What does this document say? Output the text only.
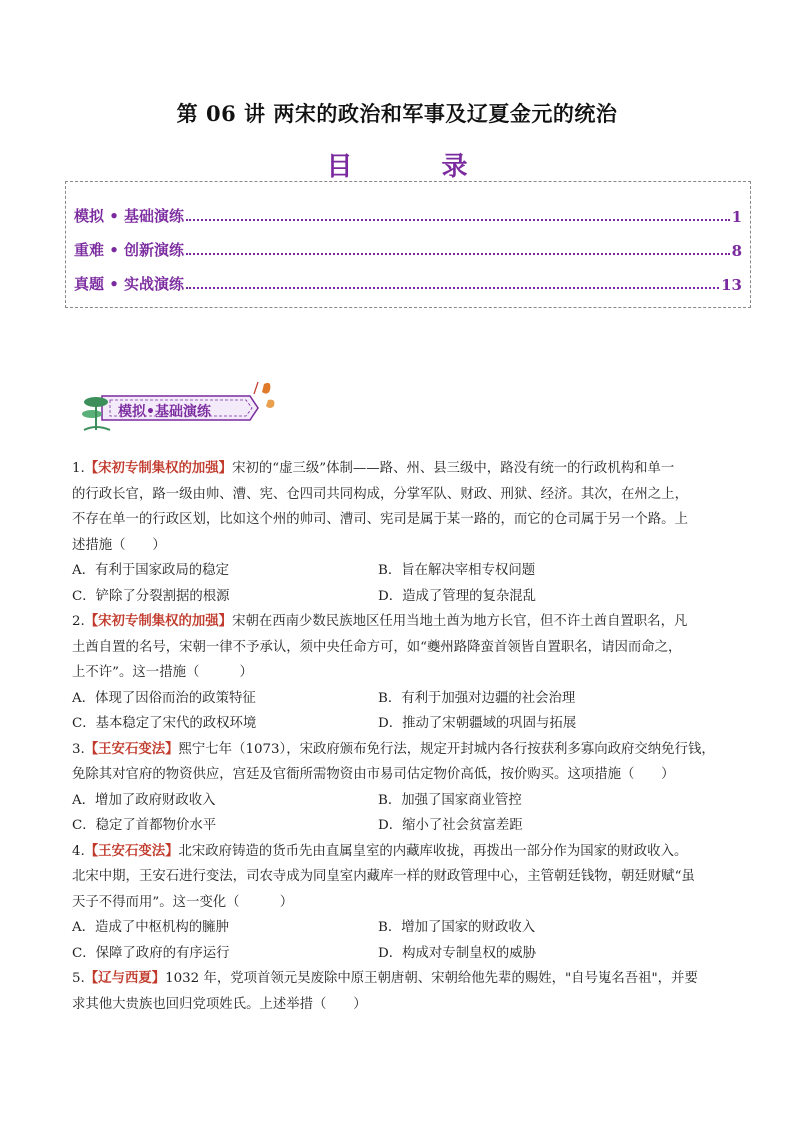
第 06 讲 两宋的政治和军事及辽夏金元的统治
目 录
模拟 • 基础演练	1
重难 • 创新演练	8
真题 • 实战演练	13
模拟•基础演练

1.【宋初专制集权的加强】宋初的“虚三级”体制——路、州、县三级中，路没有统一的行政机构和单一

的行政长官，路一级由帅、漕、宪、仓四司共同构成，分掌军队、财政、刑狱、经济。其次，在州之上，

不存在单一的行政区划，比如这个州的帅司、漕司、宪司是属于某一路的，而它的仓司属于另一个路。上

述措施（　　）

A．有利于国家政局的稳定	B．旨在解决宰相专权问题
C．铲除了分裂割据的根源	D．造成了管理的复杂混乱

2.【宋初专制集权的加强】宋朝在西南少数民族地区任用当地土酋为地方长官，但不许土酋自置职名，凡

土酋自置的名号，宋朝一律不予承认，须中央任命方可，如“夔州路降蛮首领皆自置职名，请因而命之，

上不许”。这一措施（　　　）

A．体现了因俗而治的政策特征	B．有利于加强对边疆的社会治理
C．基本稳定了宋代的政权环境	D．推动了宋朝疆域的巩固与拓展

3.【王安石变法】熙宁七年（1073），宋政府颁布免行法，规定开封城内各行按获利多寡向政府交纳免行钱，

免除其对官府的物资供应，宫廷及官衙所需物资由市易司估定物价高低，按价购买。这项措施（　　）

A．增加了政府财政收入	B．加强了国家商业管控
C．稳定了首都物价水平	D．缩小了社会贫富差距

4.【王安石变法】北宋政府铸造的货币先由直属皇室的内藏库收拢，再拨出一部分作为国家的财政收入。

北宋中期，王安石进行变法，司农寺成为同皇室内藏库一样的财政管理中心，主管朝廷钱物，朝廷财赋“虽

天子不得而用”。这一变化（　　　）

A．造成了中枢机构的臃肿	B．增加了国家的财政收入
C．保障了政府的有序运行	D．构成对专制皇权的威胁

5.【辽与西夏】1032 年，党项首领元昊废除中原王朝唐朝、宋朝给他先辈的赐姓，"自号嵬名吾祖"，并要

求其他大贵族也回归党项姓氏。上述举措（　　）
